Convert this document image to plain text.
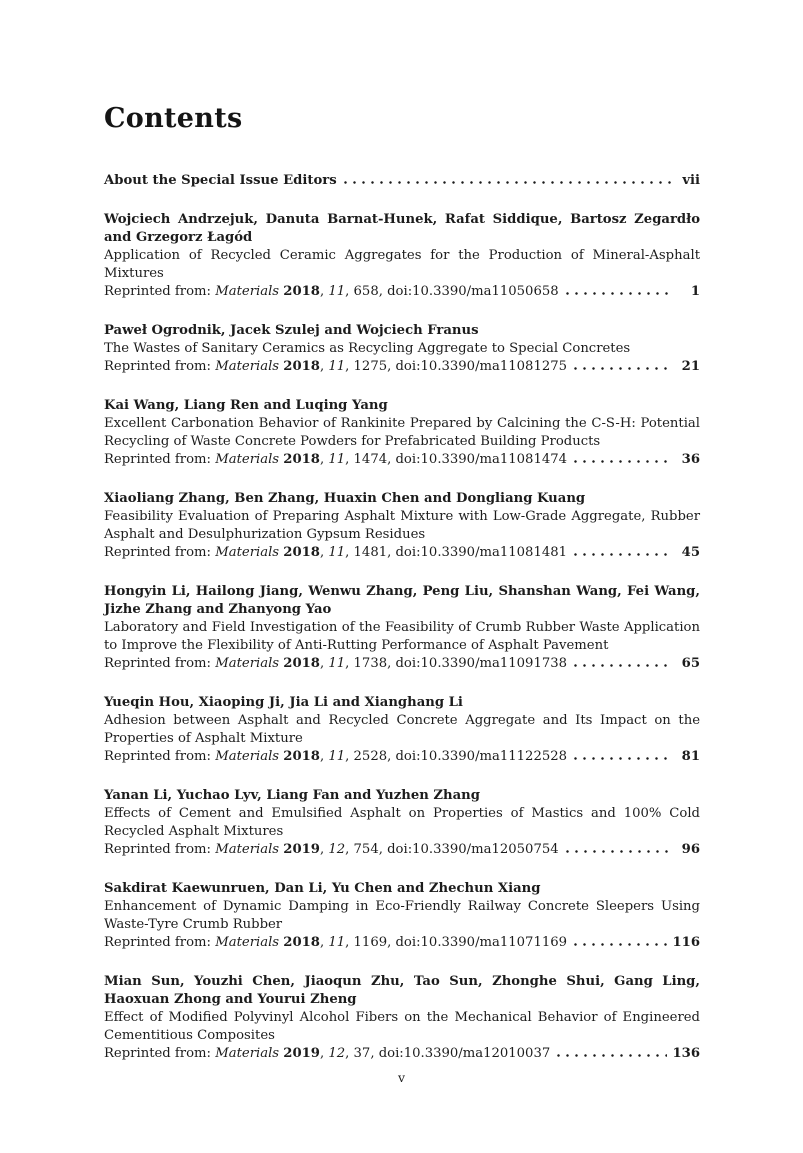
Contents
About the Special Issue Editors	vii

Wojciech Andrzejuk, Danuta Barnat-Hunek, Rafat Siddique, Bartosz Zegardło and Grzegorz Łagód

Application of Recycled Ceramic Aggregates for the Production of Mineral-Asphalt Mixtures

Reprinted from: Materials 2018, 11, 658, doi:10.3390/ma11050658	1

Paweł Ogrodnik, Jacek Szulej and Wojciech Franus

The Wastes of Sanitary Ceramics as Recycling Aggregate to Special Concretes

Reprinted from: Materials 2018, 11, 1275, doi:10.3390/ma11081275	21

Kai Wang, Liang Ren and Luqing Yang

Excellent Carbonation Behavior of Rankinite Prepared by Calcining the C-S-H: Potential Recycling of Waste Concrete Powders for Prefabricated Building Products

Reprinted from: Materials 2018, 11, 1474, doi:10.3390/ma11081474	36

Xiaoliang Zhang, Ben Zhang, Huaxin Chen and Dongliang Kuang

Feasibility Evaluation of Preparing Asphalt Mixture with Low-Grade Aggregate, Rubber Asphalt and Desulphurization Gypsum Residues

Reprinted from: Materials 2018, 11, 1481, doi:10.3390/ma11081481	45

Hongyin Li, Hailong Jiang, Wenwu Zhang, Peng Liu, Shanshan Wang, Fei Wang, Jizhe Zhang and Zhanyong Yao

Laboratory and Field Investigation of the Feasibility of Crumb Rubber Waste Application to Improve the Flexibility of Anti-Rutting Performance of Asphalt Pavement

Reprinted from: Materials 2018, 11, 1738, doi:10.3390/ma11091738	65

Yueqin Hou, Xiaoping Ji, Jia Li and Xianghang Li

Adhesion between Asphalt and Recycled Concrete Aggregate and Its Impact on the Properties of Asphalt Mixture

Reprinted from: Materials 2018, 11, 2528, doi:10.3390/ma11122528	81

Yanan Li, Yuchao Lyv, Liang Fan and Yuzhen Zhang

Effects of Cement and Emulsified Asphalt on Properties of Mastics and 100% Cold Recycled Asphalt Mixtures

Reprinted from: Materials 2019, 12, 754, doi:10.3390/ma12050754	96

Sakdirat Kaewunruen, Dan Li, Yu Chen and Zhechun Xiang

Enhancement of Dynamic Damping in Eco-Friendly Railway Concrete Sleepers Using Waste-Tyre Crumb Rubber

Reprinted from: Materials 2018, 11, 1169, doi:10.3390/ma11071169	116

Mian Sun, Youzhi Chen, Jiaoqun Zhu, Tao Sun, Zhonghe Shui, Gang Ling, Haoxuan Zhong and Yourui Zheng

Effect of Modified Polyvinyl Alcohol Fibers on the Mechanical Behavior of Engineered Cementitious Composites

Reprinted from: Materials 2019, 12, 37, doi:10.3390/ma12010037	136
v
